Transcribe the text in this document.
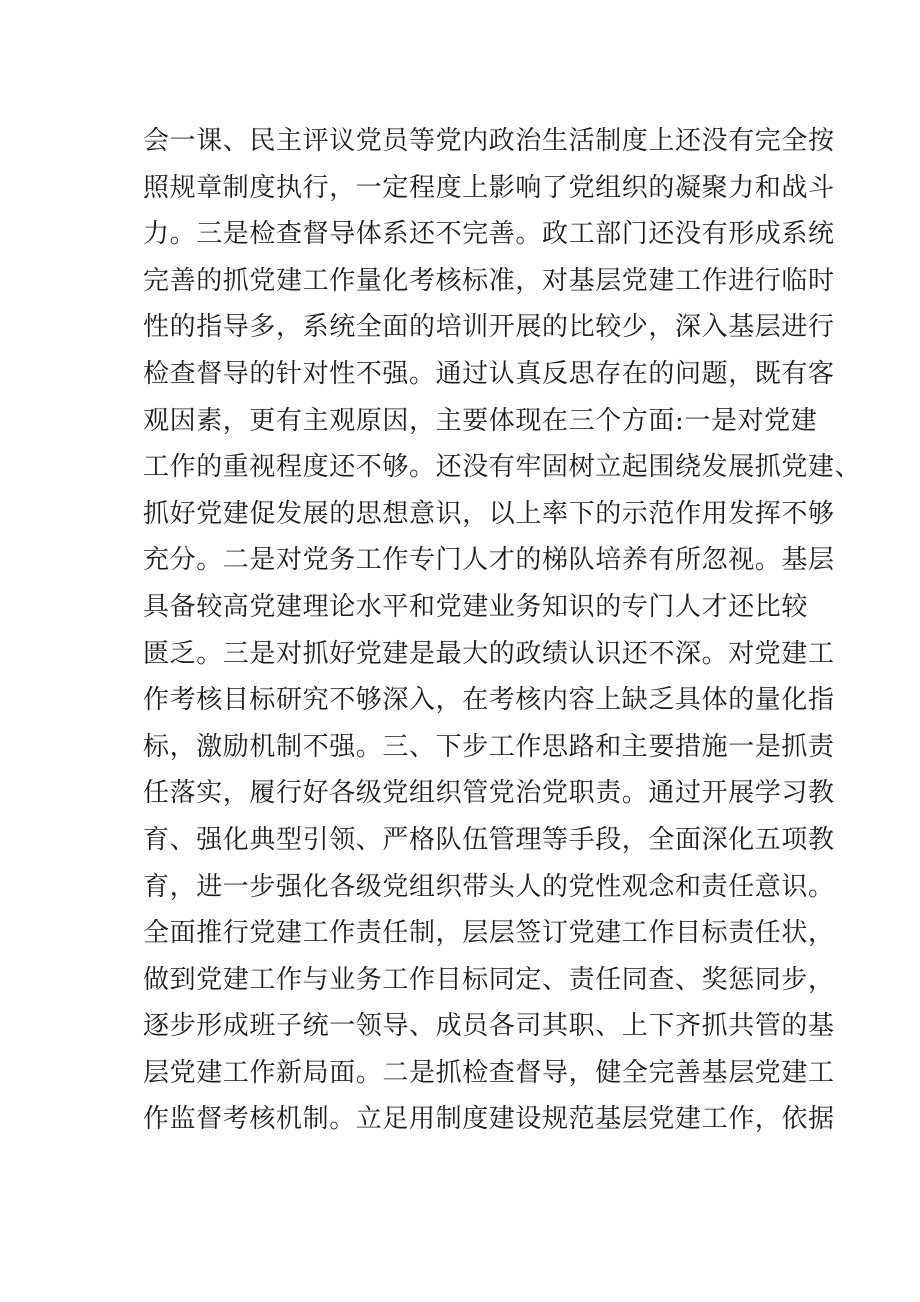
会一课、民主评议党员等党内政治生活制度上还没有完全按
照规章制度执行，一定程度上影响了党组织的凝聚力和战斗
力。三是检查督导体系还不完善。政工部门还没有形成系统
完善的抓党建工作量化考核标准，对基层党建工作进行临时
性的指导多，系统全面的培训开展的比较少，深入基层进行
检查督导的针对性不强。通过认真反思存在的问题，既有客
观因素，更有主观原因，主要体现在三个方面:一是对党建
工作的重视程度还不够。还没有牢固树立起围绕发展抓党建、
抓好党建促发展的思想意识，以上率下的示范作用发挥不够
充分。二是对党务工作专门人才的梯队培养有所忽视。基层
具备较高党建理论水平和党建业务知识的专门人才还比较
匮乏。三是对抓好党建是最大的政绩认识还不深。对党建工
作考核目标研究不够深入，在考核内容上缺乏具体的量化指
标，激励机制不强。三、下步工作思路和主要措施一是抓责
任落实，履行好各级党组织管党治党职责。通过开展学习教
育、强化典型引领、严格队伍管理等手段，全面深化五项教
育，进一步强化各级党组织带头人的党性观念和责任意识。
全面推行党建工作责任制，层层签订党建工作目标责任状，
做到党建工作与业务工作目标同定、责任同查、奖惩同步，
逐步形成班子统一领导、成员各司其职、上下齐抓共管的基
层党建工作新局面。二是抓检查督导，健全完善基层党建工
作监督考核机制。立足用制度建设规范基层党建工作，依据
